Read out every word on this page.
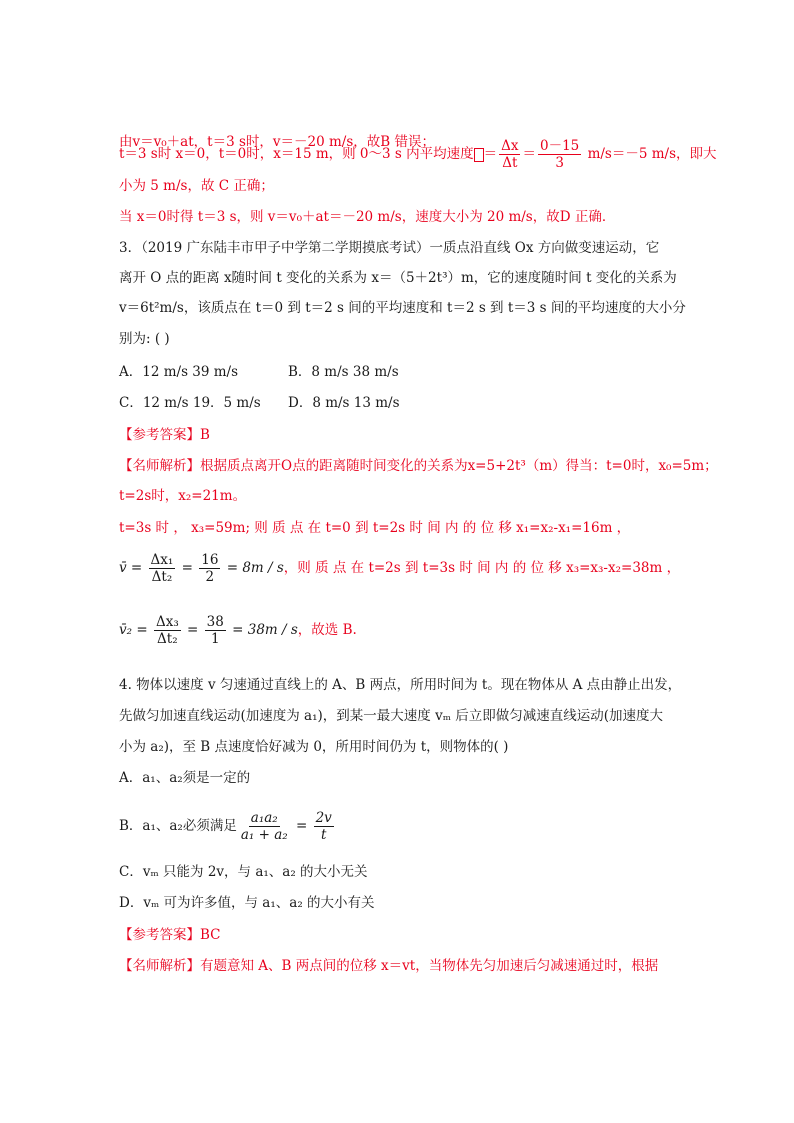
由v＝v₀＋at，t＝3 s时，v＝－20 m/s，故B 错误；
t＝3 s时 x＝0，t＝0时，x＝15 m，则 0～3 s 内平均速度 ＝ $\frac{\Delta x}{\Delta t} = \frac{0-15}{3} m/s=-5$ m/s，即大
小为 5 m/s，故 C 正确；
当 x＝0时得 t＝3 s，则 v＝v₀＋at＝－20 m/s，速度大小为 20 m/s，故D 正确．
3．（2019 广东陆丰市甲子中学第二学期摸底考试）一质点沿直线 Ox 方向做变速运动，它
离开 O 点的距离 x随时间 t 变化的关系为 x＝（5＋2t³）m，它的速度随时间 t 变化的关系为
v＝6t²m/s，该质点在 t＝0 到 t＝2 s 间的平均速度和 t＝2 s 到 t＝3 s 间的平均速度的大小分
别为: ( )
A．12 m/s 39 m/s	B．8 m/s 38 m/s
C．12 m/s 19．5 m/s D．8 m/s 13 m/s
【参考答案】B
【名师解析】根据质点离开O点的距离随时间变化的关系为x=5+2t³（m）得当：t=0时，x₀=5m；
t=2s时，x₂=21m。
t=3s 时 ， x₃=59m; 则 质 点 在 t=0 到 t=2s 时 间 内 的 位 移 x₁=x₂-x₁=16m ，
v̄ = $\frac{\text{Δx₁}}{\text{Δt₂}} = \frac{16}{2} = 8m / s$，则 质 点 在 t=2s 到 t=3s 时 间 内 的 位 移 x₃=x₃-x₂=38m ，
v̄₂ = $\frac{\text{Δx₃}}{\text{Δt₂}} = \frac{38}{1} = 38m / s$，故选 B.
4. 物体以速度 v 匀速通过直线上的 A、B 两点，所用时间为 t。现在物体从 A 点由静止出发，
先做匀加速直线运动(加速度为 a₁)，到某一最大速度 vₘ 后立即做匀减速直线运动(加速度大
小为 a₂)，至 B 点速度恰好减为 0，所用时间仍为 t，则物体的( )
A．a₁、a₂须是一定的
B．a₁、a₂必须满足 $\frac{\text{a₁a₂}}{\text{a₁ + a₂}} = \frac{2v}{t}$
C．vₘ 只能为 2v，与 a₁、a₂ 的大小无关
D．vₘ 可为许多值，与 a₁、a₂ 的大小有关
【参考答案】BC
【名师解析】有题意知 A、B 两点间的位移 x＝vt，当物体先匀加速后匀减速通过时，根据
